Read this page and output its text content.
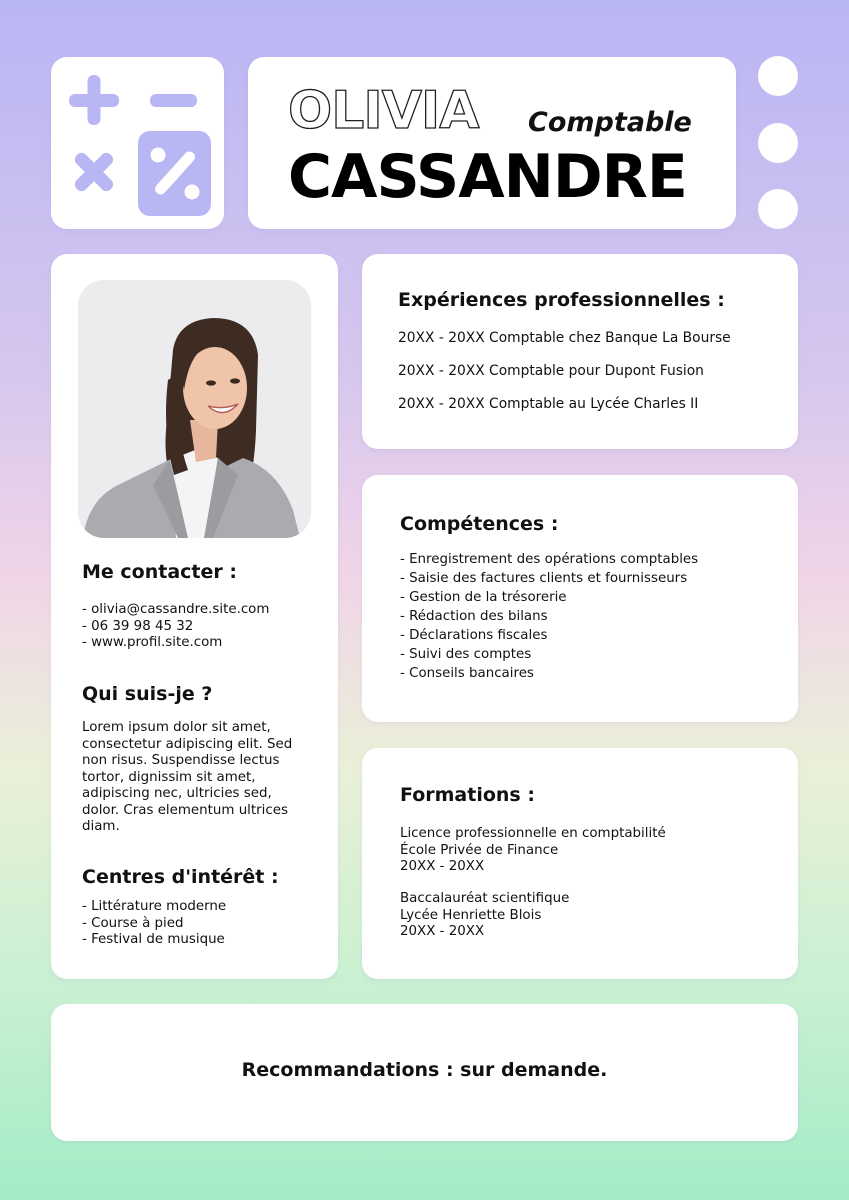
OLIVIA Comptable

CASSANDRE

Me contacter :

- olivia@cassandre.site.com
- 06 39 98 45 32
- www.profil.site.com

Qui suis-je ?

Lorem ipsum dolor sit amet,
consectetur adipiscing elit. Sed
non risus. Suspendisse lectus
tortor, dignissim sit amet,
adipiscing nec, ultricies sed,
dolor. Cras elementum ultrices
diam.

Centres d'intérêt :

- Littérature moderne
- Course à pied
- Festival de musique

Expériences professionnelles :

20XX - 20XX Comptable chez Banque La Bourse

20XX - 20XX Comptable pour Dupont Fusion

20XX - 20XX Comptable au Lycée Charles II

Compétences :

- Enregistrement des opérations comptables
- Saisie des factures clients et fournisseurs
- Gestion de la trésorerie
- Rédaction des bilans
- Déclarations fiscales
- Suivi des comptes
- Conseils bancaires

Formations :

Licence professionnelle en comptabilité
École Privée de Finance
20XX - 20XX

Baccalauréat scientifique
Lycée Henriette Blois
20XX - 20XX

Recommandations : sur demande.
